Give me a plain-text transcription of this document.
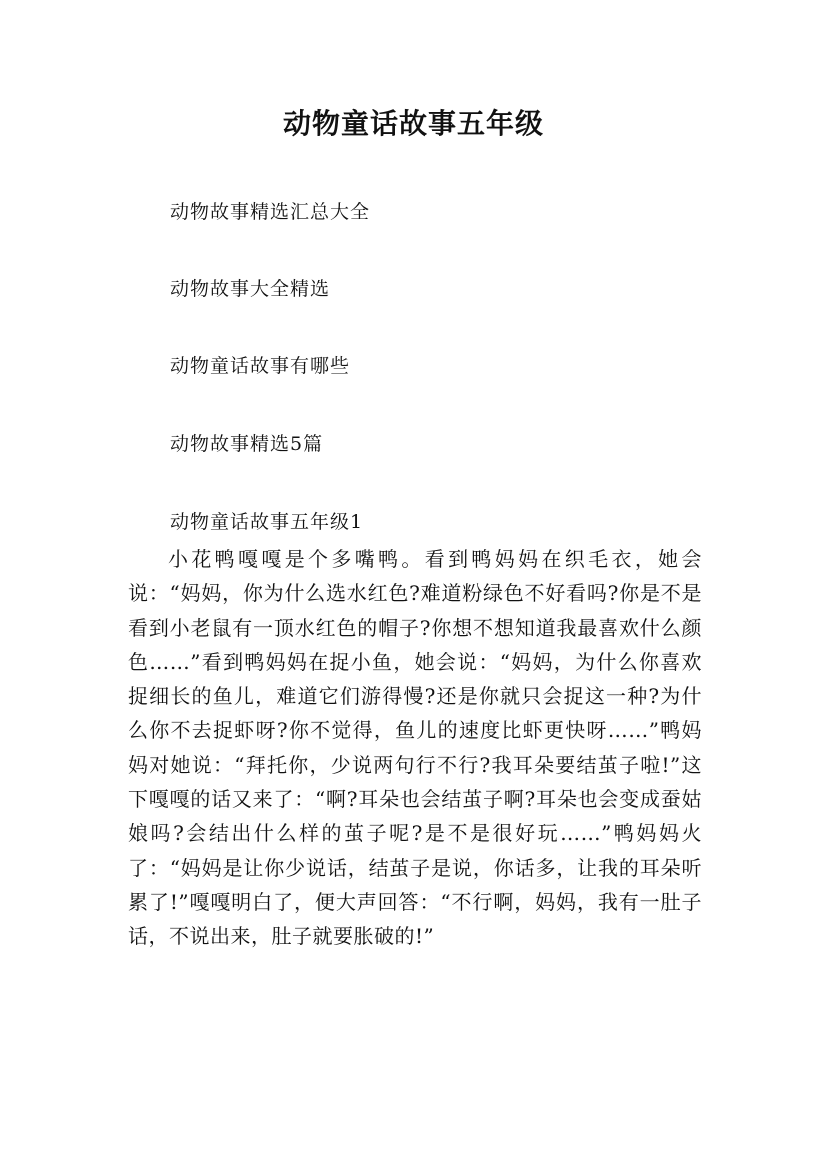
动物童话故事五年级
动物故事精选汇总大全
动物故事大全精选
动物童话故事有哪些
动物故事精选5篇
动物童话故事五年级1

小花鸭嘎嘎是个多嘴鸭。看到鸭妈妈在织毛衣，她会说：“妈妈，你为什么选水红色?难道粉绿色不好看吗?你是不是看到小老鼠有一顶水红色的帽子?你想不想知道我最喜欢什么颜色……”看到鸭妈妈在捉小鱼，她会说：“妈妈，为什么你喜欢捉细长的鱼儿，难道它们游得慢?还是你就只会捉这一种?为什么你不去捉虾呀?你不觉得，鱼儿的速度比虾更快呀……”鸭妈妈对她说：“拜托你，少说两句行不行?我耳朵要结茧子啦!”这下嘎嘎的话又来了：“啊?耳朵也会结茧子啊?耳朵也会变成蚕姑娘吗?会结出什么样的茧子呢?是不是很好玩……”鸭妈妈火了：“妈妈是让你少说话，结茧子是说，你话多，让我的耳朵听累了!”嘎嘎明白了，便大声回答：“不行啊，妈妈，我有一肚子话，不说出来，肚子就要胀破的!”
